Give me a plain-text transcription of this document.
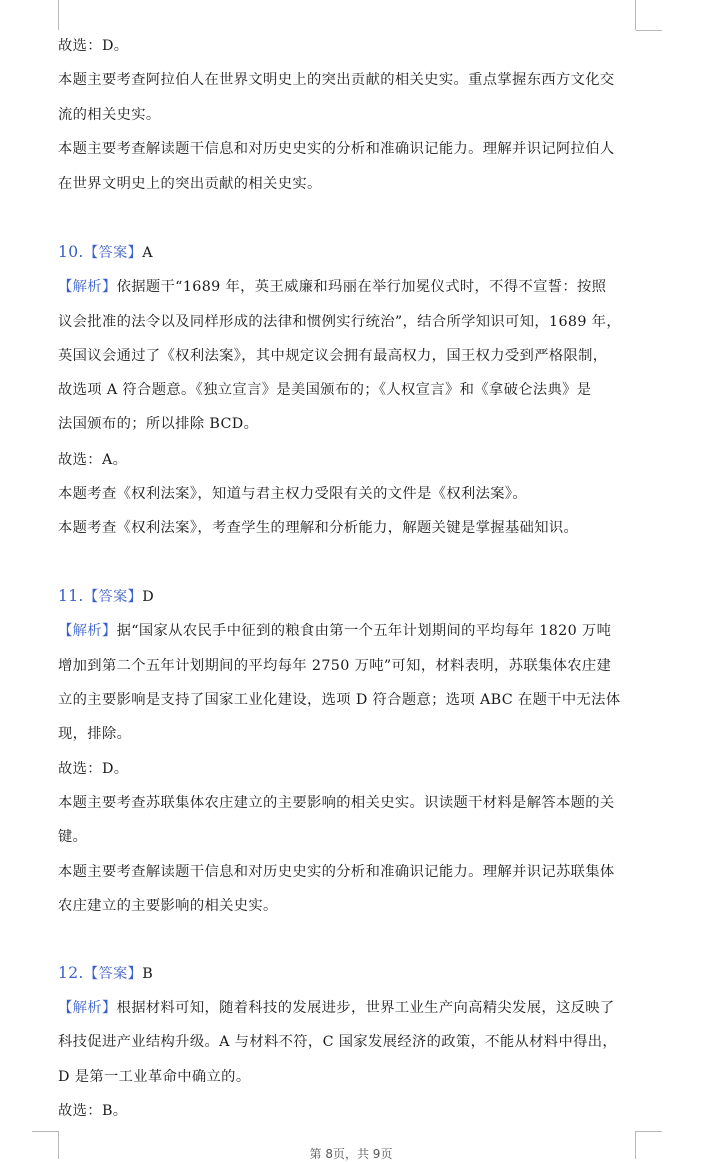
故选：D。
本题主要考查阿拉伯人在世界文明史上的突出贡献的相关史实。重点掌握东西方文化交
流的相关史实。
本题主要考查解读题干信息和对历史史实的分析和准确识记能力。理解并识记阿拉伯人
在世界文明史上的突出贡献的相关史实。
10.【答案】A
【解析】依据题干“1689 年，英王威廉和玛丽在举行加冕仪式时，不得不宣誓：按照
议会批准的法令以及同样形成的法律和惯例实行统治”，结合所学知识可知，1689 年，
英国议会通过了《权利法案》，其中规定议会拥有最高权力，国王权力受到严格限制，
故选项 A 符合题意。《独立宣言》是美国颁布的；《人权宣言》和《拿破仑法典》是
法国颁布的；所以排除 BCD。
故选：A。
本题考查《权利法案》，知道与君主权力受限有关的文件是《权利法案》。
本题考查《权利法案》，考查学生的理解和分析能力，解题关键是掌握基础知识。
11.【答案】D
【解析】据“国家从农民手中征到的粮食由第一个五年计划期间的平均每年 1820 万吨
增加到第二个五年计划期间的平均每年 2750 万吨”可知，材料表明，苏联集体农庄建
立的主要影响是支持了国家工业化建设，选项 D 符合题意；选项 ABC 在题干中无法体
现，排除。
故选：D。
本题主要考查苏联集体农庄建立的主要影响的相关史实。识读题干材料是解答本题的关
键。
本题主要考查解读题干信息和对历史史实的分析和准确识记能力。理解并识记苏联集体
农庄建立的主要影响的相关史实。
12.【答案】B
【解析】根据材料可知，随着科技的发展进步，世界工业生产向高精尖发展，这反映了
科技促进产业结构升级。A 与材料不符，C 国家发展经济的政策，不能从材料中得出，
D 是第一工业革命中确立的。
故选：B。
第 8页，共 9页
